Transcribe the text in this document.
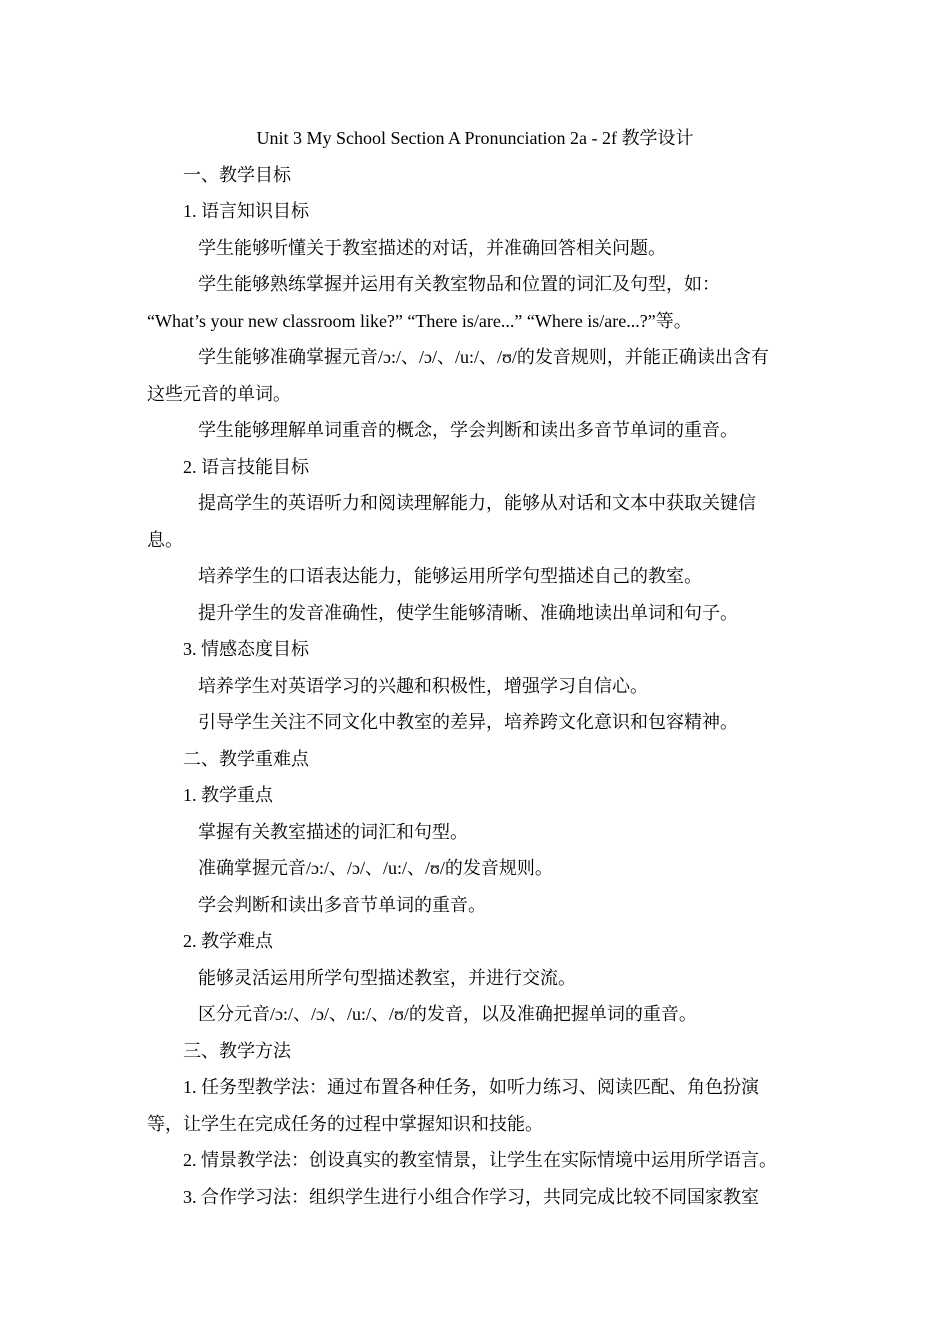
Unit 3 My School Section A Pronunciation 2a - 2f 教学设计
一、教学目标
1. 语言知识目标
学生能够听懂关于教室描述的对话，并准确回答相关问题。
学生能够熟练掌握并运用有关教室物品和位置的词汇及句型，如：
“What’s your new classroom like?” “There is/are...” “Where is/are...?”等。
学生能够准确掌握元音/ɔ:/、/ɔ/、/u:/、/ʊ/的发音规则，并能正确读出含有
这些元音的单词。
学生能够理解单词重音的概念，学会判断和读出多音节单词的重音。
2. 语言技能目标
提高学生的英语听力和阅读理解能力，能够从对话和文本中获取关键信
息。
培养学生的口语表达能力，能够运用所学句型描述自己的教室。
提升学生的发音准确性，使学生能够清晰、准确地读出单词和句子。
3. 情感态度目标
培养学生对英语学习的兴趣和积极性，增强学习自信心。
引导学生关注不同文化中教室的差异，培养跨文化意识和包容精神。
二、教学重难点
1. 教学重点
掌握有关教室描述的词汇和句型。
准确掌握元音/ɔ:/、/ɔ/、/u:/、/ʊ/的发音规则。
学会判断和读出多音节单词的重音。
2. 教学难点
能够灵活运用所学句型描述教室，并进行交流。
区分元音/ɔ:/、/ɔ/、/u:/、/ʊ/的发音，以及准确把握单词的重音。
三、教学方法
1. 任务型教学法：通过布置各种任务，如听力练习、阅读匹配、角色扮演
等，让学生在完成任务的过程中掌握知识和技能。
2. 情景教学法：创设真实的教室情景，让学生在实际情境中运用所学语言。
3. 合作学习法：组织学生进行小组合作学习，共同完成比较不同国家教室
